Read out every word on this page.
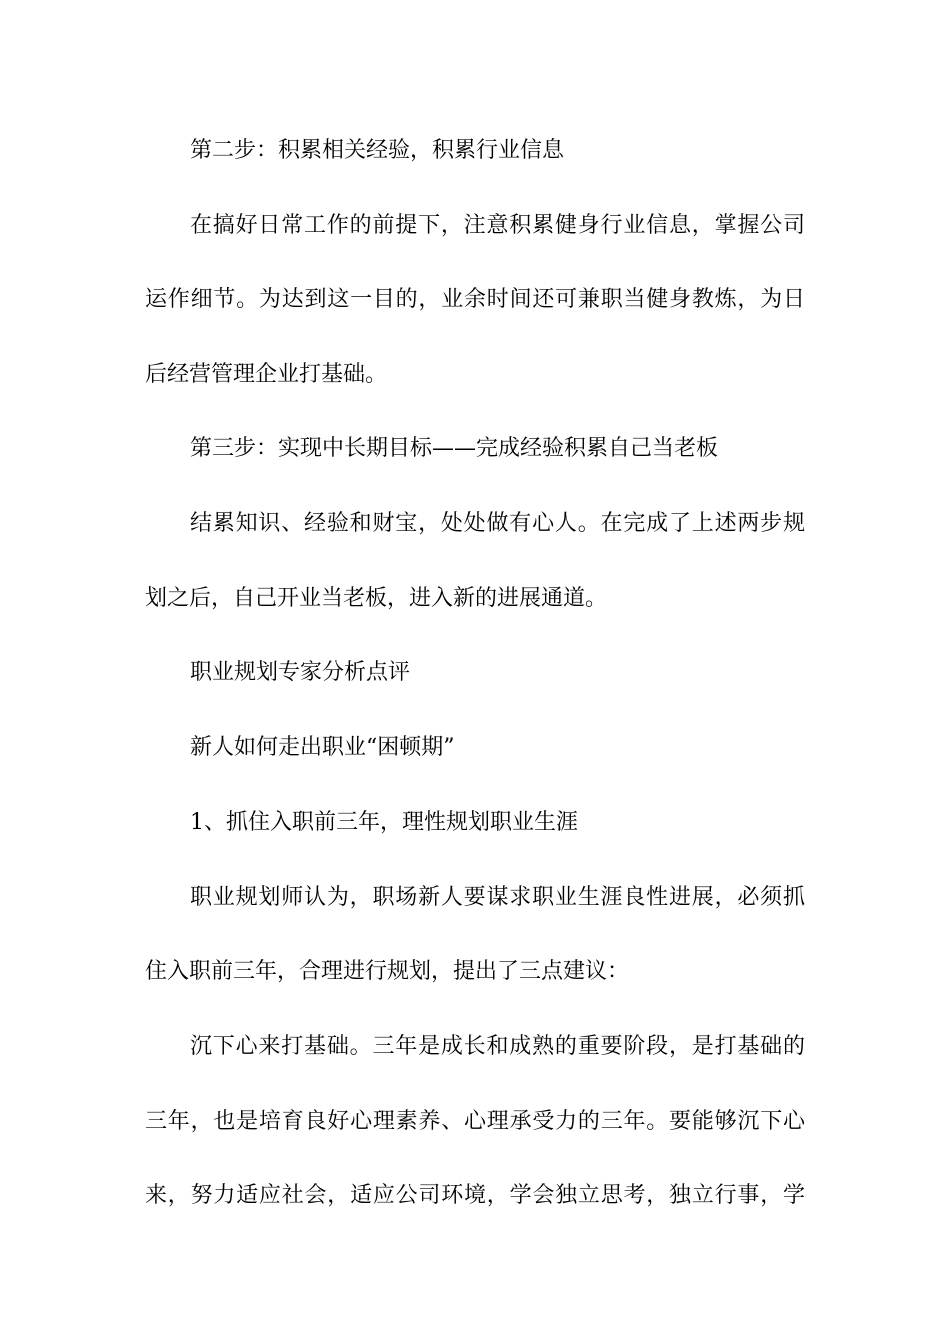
第二步：积累相关经验，积累行业信息
在搞好日常工作的前提下，注意积累健身行业信息，掌握公司
运作细节。为达到这一目的，业余时间还可兼职当健身教炼，为日
后经营管理企业打基础。
第三步：实现中长期目标——完成经验积累自己当老板
结累知识、经验和财宝，处处做有心人。在完成了上述两步规
划之后，自己开业当老板，进入新的进展通道。
职业规划专家分析点评
新人如何走出职业“困顿期”
1、抓住入职前三年，理性规划职业生涯
职业规划师认为，职场新人要谋求职业生涯良性进展，必须抓
住入职前三年，合理进行规划，提出了三点建议：
沉下心来打基础。三年是成长和成熟的重要阶段，是打基础的
三年，也是培育良好心理素养、心理承受力的三年。要能够沉下心
来，努力适应社会，适应公司环境，学会独立思考，独立行事，学
